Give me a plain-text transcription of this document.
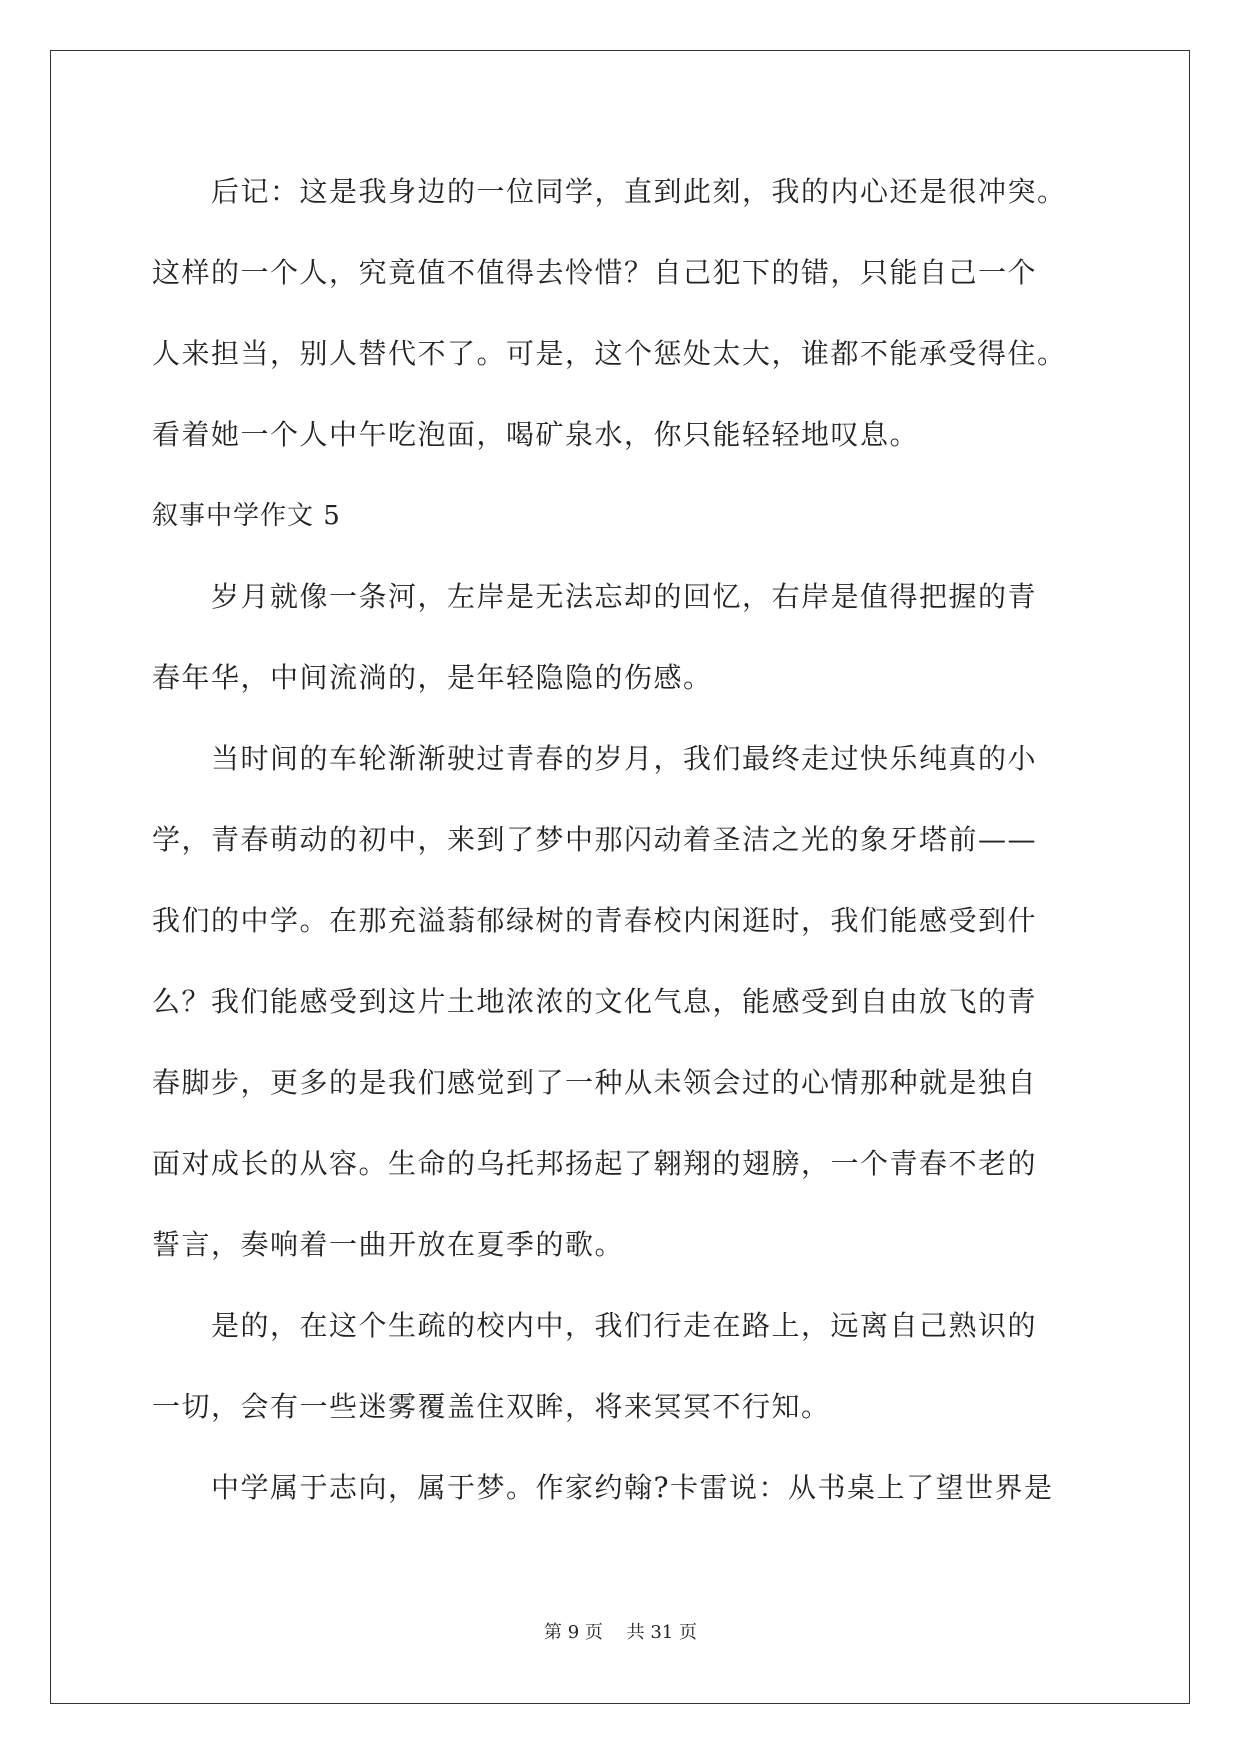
　　后记：这是我身边的一位同学，直到此刻，我的内心还是很冲突。
这样的一个人，究竟值不值得去怜惜？自己犯下的错，只能自己一个
人来担当，别人替代不了。可是，这个惩处太大，谁都不能承受得住。
看着她一个人中午吃泡面，喝矿泉水，你只能轻轻地叹息。
叙事中学作文 5
　　岁月就像一条河，左岸是无法忘却的回忆，右岸是值得把握的青
春年华，中间流淌的，是年轻隐隐的伤感。
　　当时间的车轮渐渐驶过青春的岁月，我们最终走过快乐纯真的小
学，青春萌动的初中，来到了梦中那闪动着圣洁之光的象牙塔前——
我们的中学。在那充溢蓊郁绿树的青春校内闲逛时，我们能感受到什
么？我们能感受到这片土地浓浓的文化气息，能感受到自由放飞的青
春脚步，更多的是我们感觉到了一种从未领会过的心情那种就是独自
面对成长的从容。生命的乌托邦扬起了翱翔的翅膀，一个青春不老的
誓言，奏响着一曲开放在夏季的歌。
　　是的，在这个生疏的校内中，我们行走在路上，远离自己熟识的
一切，会有一些迷雾覆盖住双眸，将来冥冥不行知。
　　中学属于志向，属于梦。作家约翰?卡雷说：从书桌上了望世界是
第 9 页　 共 31 页
